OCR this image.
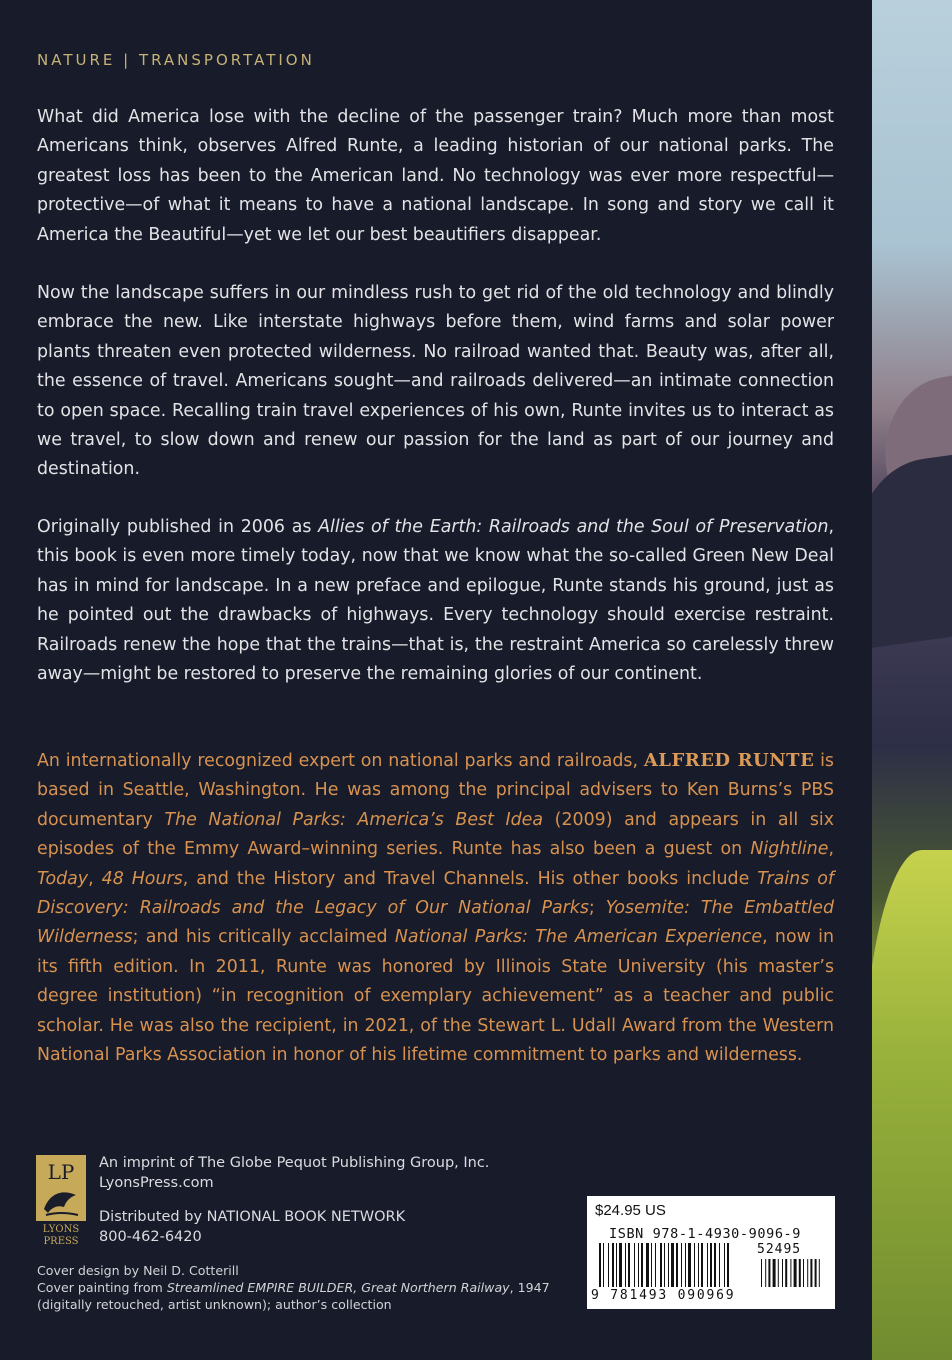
NATURE | TRANSPORTATION

What did America lose with the decline of the passenger train? Much more than most Americans think, observes Alfred Runte, a leading historian of our national parks. The greatest loss has been to the American land. No technology was ever more respectful—protective—of what it means to have a national landscape. In song and story we call it America the Beautiful—yet we let our best beautifiers disappear.

Now the landscape suffers in our mindless rush to get rid of the old technology and blindly embrace the new. Like interstate highways before them, wind farms and solar power plants threaten even protected wilderness. No railroad wanted that. Beauty was, after all, the essence of travel. Americans sought—and railroads delivered—an intimate connection to open space. Recalling train travel experiences of his own, Runte invites us to interact as we travel, to slow down and renew our passion for the land as part of our journey and destination.

Originally published in 2006 as Allies of the Earth: Railroads and the Soul of Preservation, this book is even more timely today, now that we know what the so-called Green New Deal has in mind for landscape. In a new preface and epilogue, Runte stands his ground, just as he pointed out the drawbacks of highways. Every technology should exercise restraint. Railroads renew the hope that the trains—that is, the restraint America so carelessly threw away—might be restored to preserve the remaining glories of our continent.

An internationally recognized expert on national parks and railroads, ALFRED RUNTE is based in Seattle, Washington. He was among the principal advisers to Ken Burns’s PBS documentary The National Parks: America’s Best Idea (2009) and appears in all six episodes of the Emmy Award–winning series. Runte has also been a guest on Nightline, Today, 48 Hours, and the History and Travel Channels. His other books include Trains of Discovery: Railroads and the Legacy of Our National Parks; Yosemite: The Embattled Wilderness; and his critically acclaimed National Parks: The American Experience, now in its fifth edition. In 2011, Runte was honored by Illinois State University (his master’s degree institution) “in recognition of exemplary achievement” as a teacher and public scholar. He was also the recipient, in 2021, of the Stewart L. Udall Award from the Western National Parks Association in honor of his lifetime commitment to parks and wilderness.

LP
LYONS
PRESS
An imprint of The Globe Pequot Publishing Group, Inc.
LyonsPress.com
Distributed by NATIONAL BOOK NETWORK
800-462-6420
Cover design by Neil D. Cotterill
Cover painting from Streamlined EMPIRE BUILDER, Great Northern Railway, 1947
(digitally retouched, artist unknown); author’s collection
$24.95 US
ISBN 978-1-4930-9096-9
52495
9 781493 090969
